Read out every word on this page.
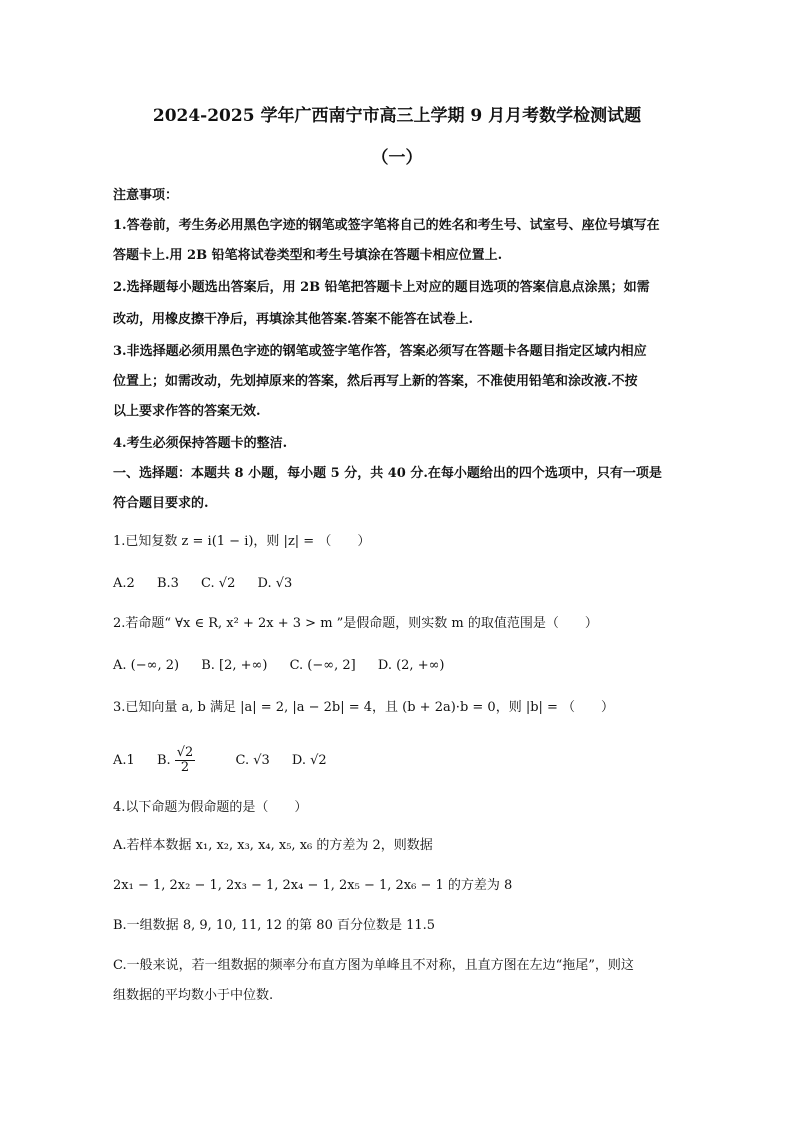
2024-2025 学年广西南宁市高三上学期 9 月月考数学检测试题
（一）
注意事项：
1.答卷前，考生务必用黑色字迹的钢笔或签字笔将自己的姓名和考生号、试室号、座位号填写在
答题卡上.用 2B 铅笔将试卷类型和考生号填涂在答题卡相应位置上.
2.选择题每小题选出答案后，用 2B 铅笔把答题卡上对应的题目选项的答案信息点涂黑；如需
改动，用橡皮擦干净后，再填涂其他答案.答案不能答在试卷上.
3.非选择题必须用黑色字迹的钢笔或签字笔作答，答案必须写在答题卡各题目指定区域内相应
位置上；如需改动，先划掉原来的答案，然后再写上新的答案，不准使用铅笔和涂改液.不按
以上要求作答的答案无效.
4.考生必须保持答题卡的整洁.
一、选择题：本题共 8 小题，每小题 5 分，共 40 分.在每小题给出的四个选项中，只有一项是
符合题目要求的.
1.已知复数 z = i(1 − i)，则 |z| = （　　）
A.2 B.3 C. √2 D. √3
2.若命题“ ∀x ∈ R, x² + 2x + 3 > m ”是假命题，则实数 m 的取值范围是（　　）
A. (−∞, 2) B. [2, +∞) C. (−∞, 2] D. (2, +∞)
3.已知向量 a, b 满足 |a| = 2, |a − 2b| = 4，且 (b + 2a)·b = 0，则 |b| = （　　）
A.1 B. $\frac{√2}{2} C$. √3 D. √2
4.以下命题为假命题的是（　　）
A.若样本数据 x₁, x₂, x₃, x₄, x₅, x₆ 的方差为 2，则数据
2x₁ − 1, 2x₂ − 1, 2x₃ − 1, 2x₄ − 1, 2x₅ − 1, 2x₆ − 1 的方差为 8
B.一组数据 8, 9, 10, 11, 12 的第 80 百分位数是 11.5
C.一般来说，若一组数据的频率分布直方图为单峰且不对称，且直方图在左边“拖尾”，则这
组数据的平均数小于中位数.
